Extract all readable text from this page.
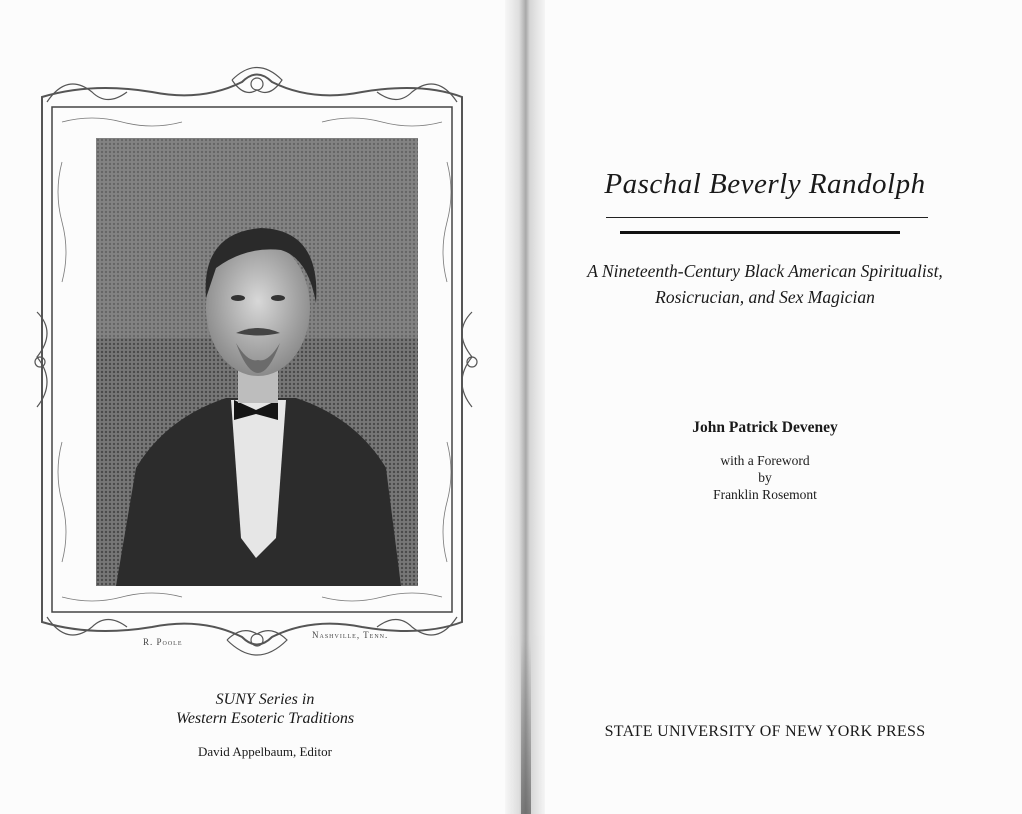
R. Poole
Nashville, Tenn.
SUNY Series in
Western Esoteric Traditions
David Appelbaum, Editor
Paschal Beverly Randolph
A Nineteenth-Century Black American Spiritualist,
Rosicrucian, and Sex Magician
John Patrick Deveney
with a Foreword
by
Franklin Rosemont
STATE UNIVERSITY OF NEW YORK PRESS
